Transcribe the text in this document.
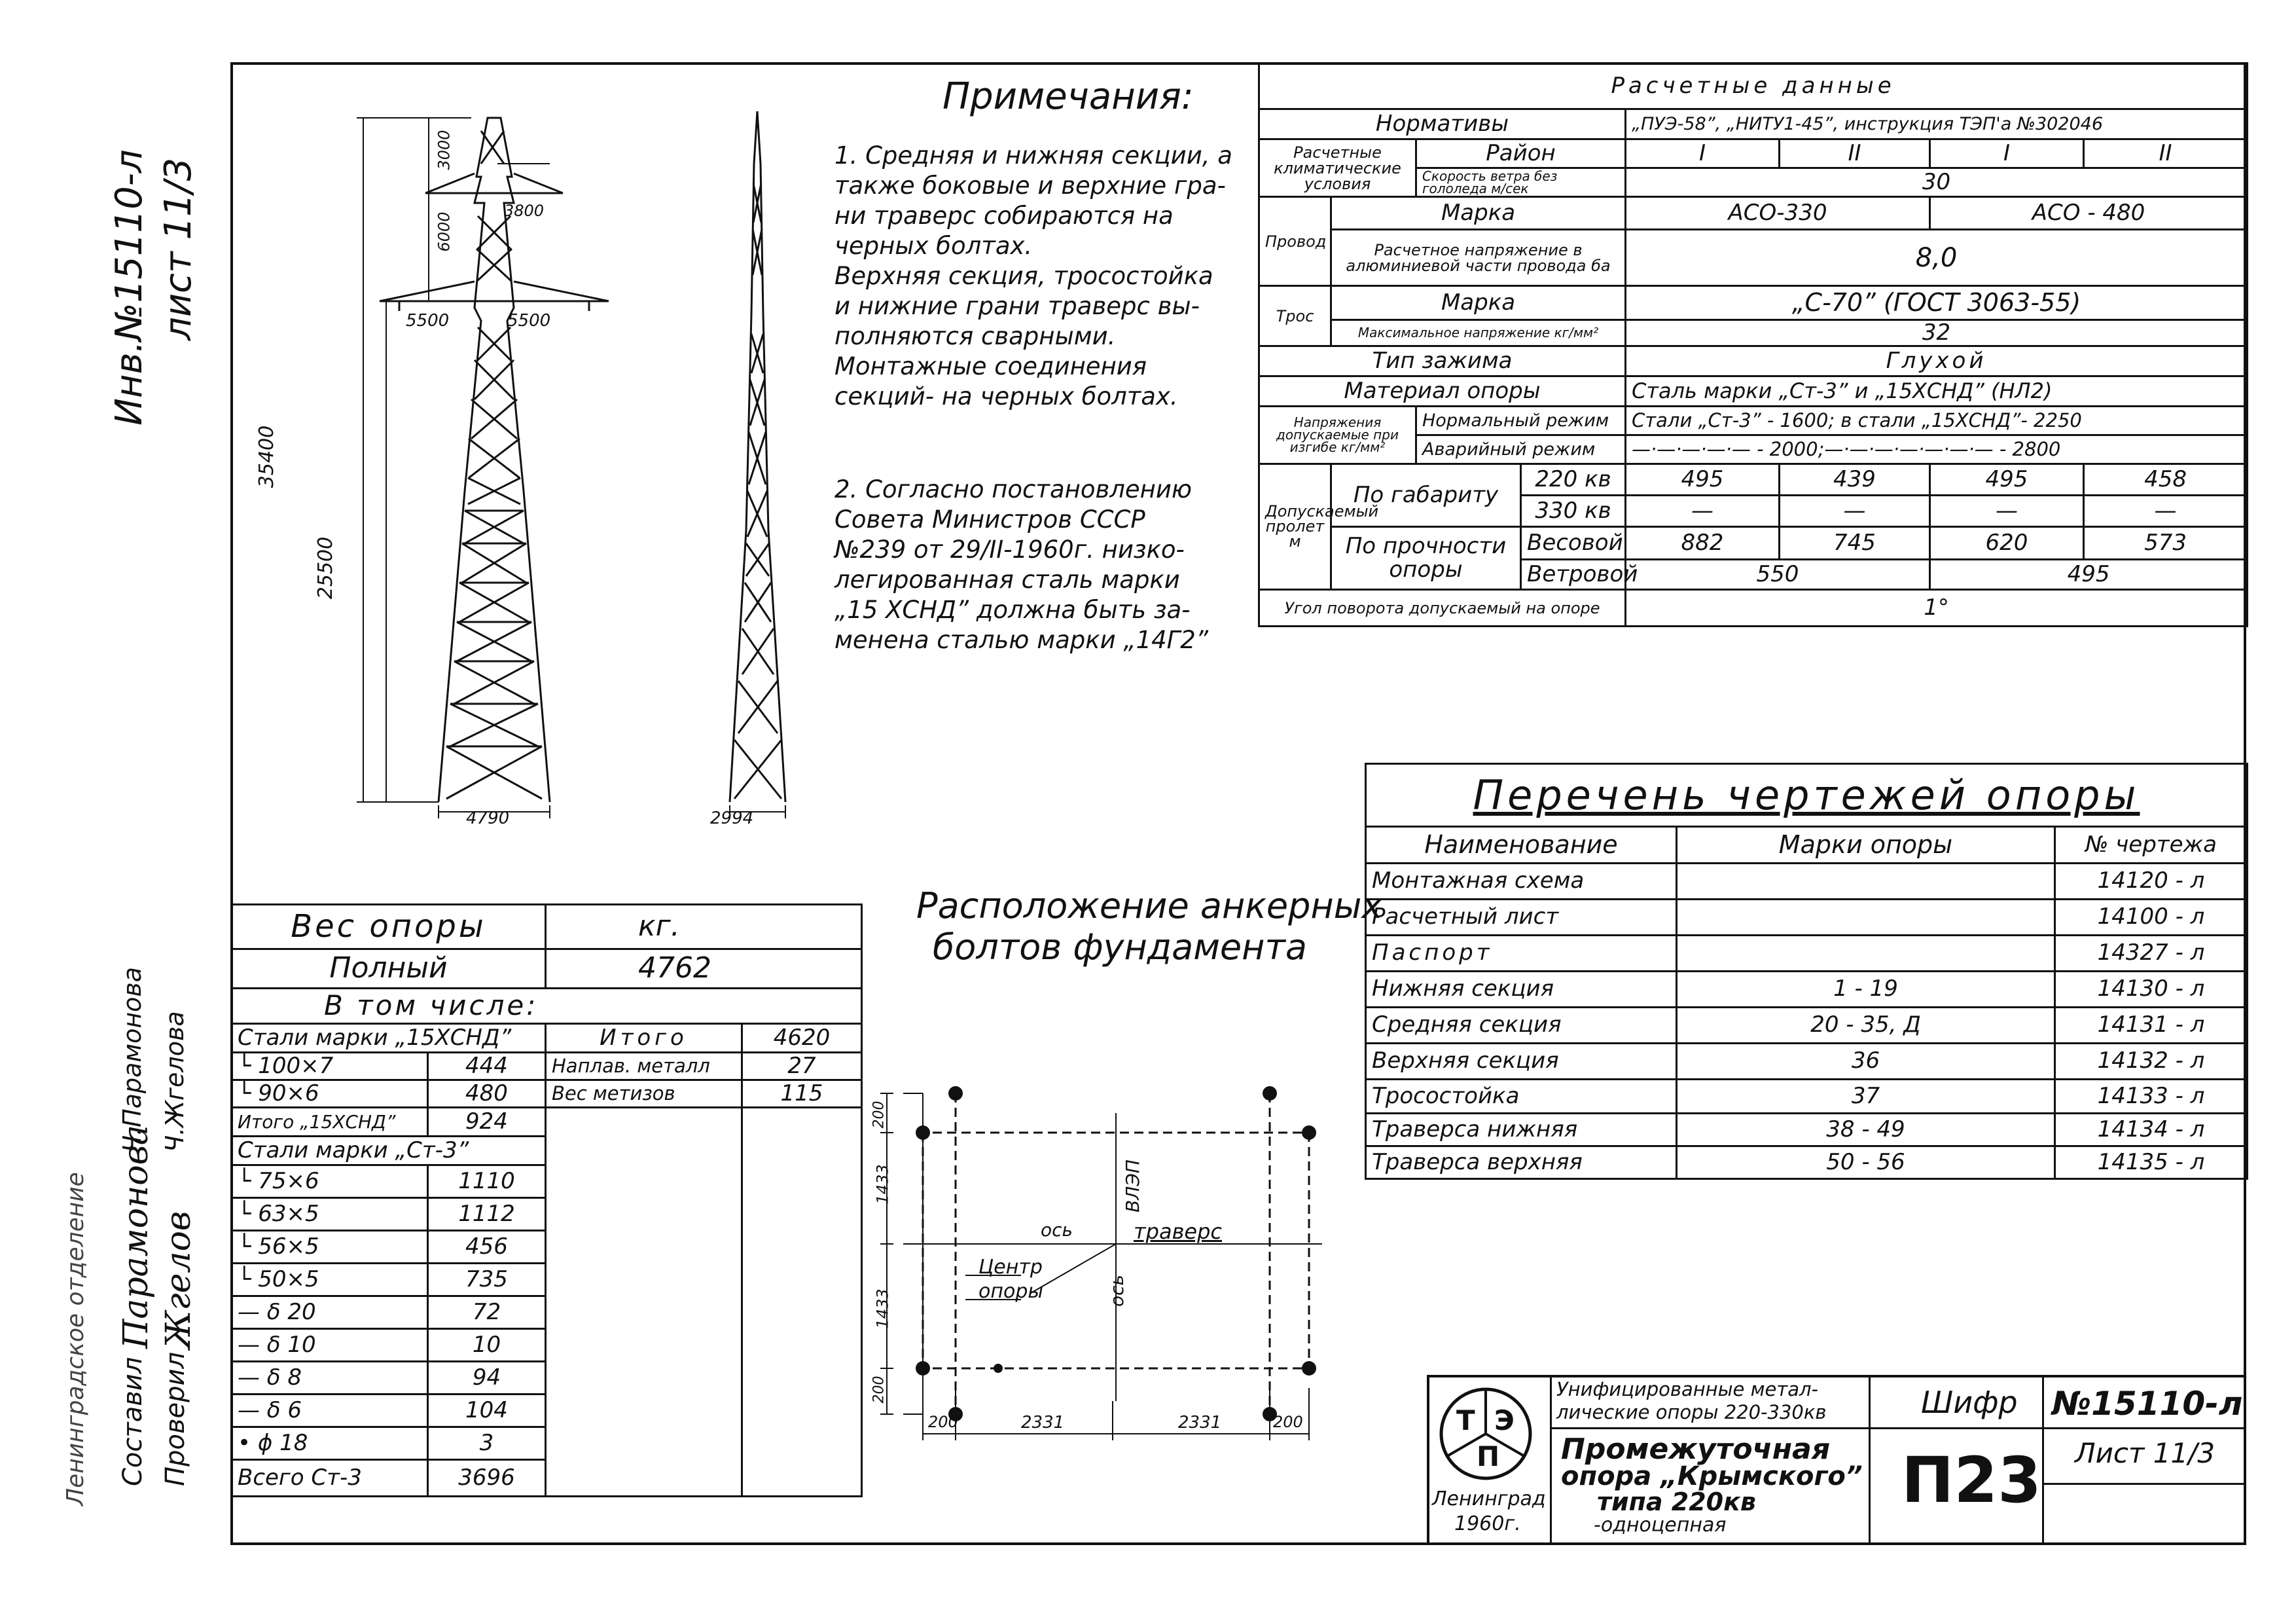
Инв.№15110-л лист 11/3
Ленинградское отделение Составил
Парамонова
Ч.Парамонова
Проверил
Жгелов
Ч.Жгелова
3000
6000
35400
25500
3800
5500	5500
4790	2994
Примечания:
1. Средняя и нижняя секции, а
также боковые и верхние гра-
ни траверс собираются на
черных болтах.
Верхняя секция, тросостойка
и нижние грани траверс вы-
полняются сварными.
Монтажные соединения
секций- на черных болтах.
2. Согласно постановлению
Совета Министров СССР
№239 от 29/II-1960г. низко-
легированная сталь марки
„15 ХСНД” должна быть за-
менена сталью марки „14Г2”
Расчетные данные							
Нормативы				„ПУЭ-58”, „НИТУ1-45”, инструкция ТЭП'а №302046			
Расчетные климатические условия		Район		I	II	I	II
		Скорость ветра без гололеда м/сек		30			
Провод	Марка			АСО-330		АСО - 480	
	Расчетное напряжение в алюминиевой части провода бa			8,0			
Трос	Марка			„С-70” (ГОСТ 3063-55)			
	Максимальное напряжение кг/мм²			32			
Тип зажима				Глухой			
Материал опоры				Сталь марки „Ст-3” и „15ХСНД” (НЛ2)			
Напряжения допускаемые при изгибе кг/мм²		Нормальный режим		Стали „Ст-3” - 1600; в стали „15ХСНД”- 2250			
		Аварийный режим		—·—·—·—·— - 2000;—·—·—·—·—·—·— - 2800			
Допускаемый пролет м	По габариту		220 кв	495	439	495	458
			330 кв	—	—	—	—
	По прочности опоры		Весовой	882	745	620	573
			Ветровой	550		495	
Угол поворота допускаемый на опоре				1°			
Перечень чертежей опоры		
Наименование	Марки опоры	№ чертежа
Монтажная схема		14120 - л
Расчетный лист		14100 - л
Паспорт		14327 - л
Нижняя секция	1 - 19	14130 - л
Средняя секция	20 - 35, Д	14131 - л
Верхняя секция	36	14132 - л
Тросостойка	37	14133 - л
Траверса нижняя	38 - 49	14134 - л
Траверса верхняя	50 - 56	14135 - л
Вес опоры		кг.	
Полный		4762	
В том числе:			
Стали марки „15ХСНД”		Итого	4620
└ 100×7	444	Наплав. металл	27
└ 90×6	480	Вес метизов	115
Итого „15ХСНД”	924		
Стали марки „Ст-3”			
└ 75×6	1110		
└ 63×5	1112		
└ 56×5	456		
└ 50×5	735		
— δ 20	72		
— δ 10	10		
— δ 8	94		
— δ 6	104		
• ϕ 18	3		
Всего Ст-3	3696		
Расположение анкерных
болтов фундамента
ВЛЭП
ось	траверс
Центр
опоры	ось
200
1433
1433
200
200	2331	2331	200	Т Э
П
Ленинград
1960г.
Унифицированные метал-
лические опоры 220-330кв
Промежуточная
опора „Крымского”
типа 220кв
-одноцепная
Шифр
П23
№15110-л
Лист 11/3
